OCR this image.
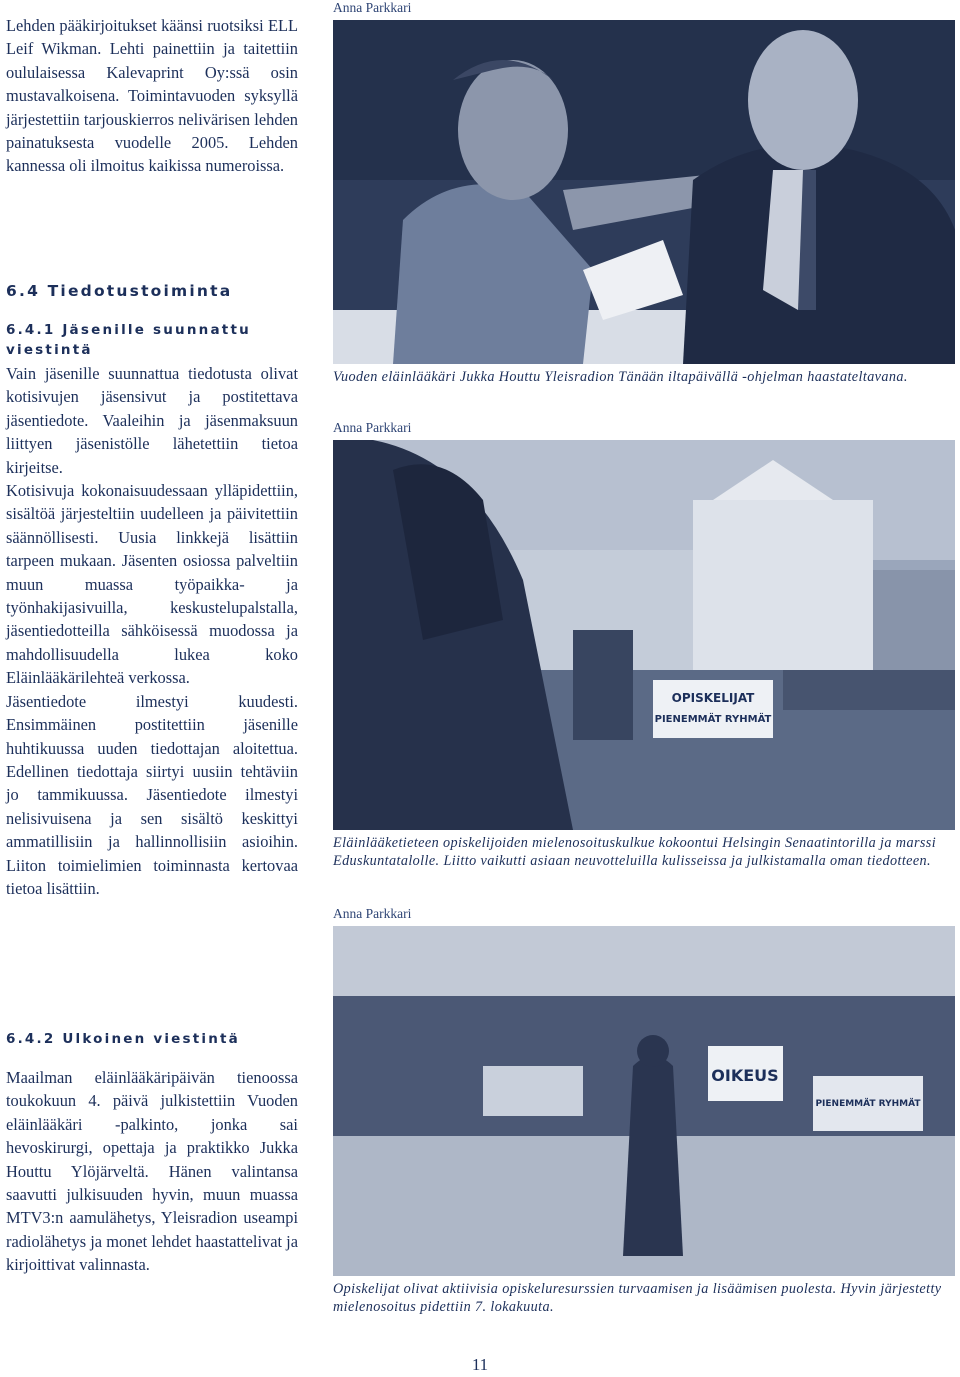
Lehden pääkirjoitukset käänsi ruotsiksi ELL Leif Wikman. Lehti painettiin ja taitettiin oululaisessa Kalevaprint Oy:ssä osin mustavalkoisena. Toimintavuoden syksyllä järjestettiin tarjouskierros nelivärisen lehden painatuksesta vuodelle 2005. Lehden kannessa oli ilmoitus kaikissa numeroissa.

6.4 Tiedotustoiminta
6.4.1 Jäsenille suunnattu viestintä

Vain jäsenille suunnattua tiedotusta olivat kotisivujen jäsensivut ja postitettava jäsentiedote. Vaaleihin ja jäsenmaksuun liittyen jäsenistölle lähetettiin tietoa kirjeitse.

Kotisivuja kokonaisuudessaan ylläpidettiin, sisältöä järjesteltiin uudelleen ja päivitettiin säännöllisesti. Uusia linkkejä lisättiin tarpeen mukaan. Jäsenten osiossa palveltiin muun muassa työpaikka- ja työnhakijasivuilla, keskustelupalstalla, jäsentiedotteilla sähköisessä muodossa ja mahdollisuudella lukea koko Eläinlääkärilehteä verkossa.

Jäsentiedote ilmestyi kuudesti. Ensimmäinen postitettiin jäsenille huhtikuussa uuden tiedottajan aloitettua. Edellinen tiedottaja siirtyi uusiin tehtäviin jo tammikuussa. Jäsentiedote ilmestyi nelisivuisena ja sen sisältö keskittyi ammatillisiin ja hallinnollisiin asioihin. Liiton toimielimien toiminnasta kertovaa tietoa lisättiin.

6.4.2 Ulkoinen viestintä

Maailman eläinlääkäripäivän tienoossa toukokuun 4. päivä julkistettiin Vuoden eläinlääkäri -palkinto, jonka sai hevoskirurgi, opettaja ja praktikko Jukka Houttu Ylöjärveltä. Hänen valintansa saavutti julkisuuden hyvin, muun muassa MTV3:n aamulähetys, Yleisradion useampi radiolähetys ja monet lehdet haastattelivat ja kirjoittivat valinnasta.

Anna Parkkari
Vuoden eläinlääkäri Jukka Houttu Yleisradion Tänään iltapäivällä -ohjelman haastateltavana.
Anna Parkkari
OPISKELIJAT
PIENEMMÄT RYHMÄT
Eläinlääketieteen opiskelijoiden mielenosoituskulkue kokoontui Helsingin Senaatintorilla ja marssi Eduskuntatalolle. Liitto vaikutti asiaan neuvotteluilla kulisseissa ja julkistamalla oman tiedotteen.
Anna Parkkari
OIKEUS
PIENEMMÄT RYHMÄT
Opiskelijat olivat aktiivisia opiskeluresurssien turvaamisen ja lisäämisen puolesta. Hyvin järjestetty mielenosoitus pidettiin 7. lokakuuta.
11
